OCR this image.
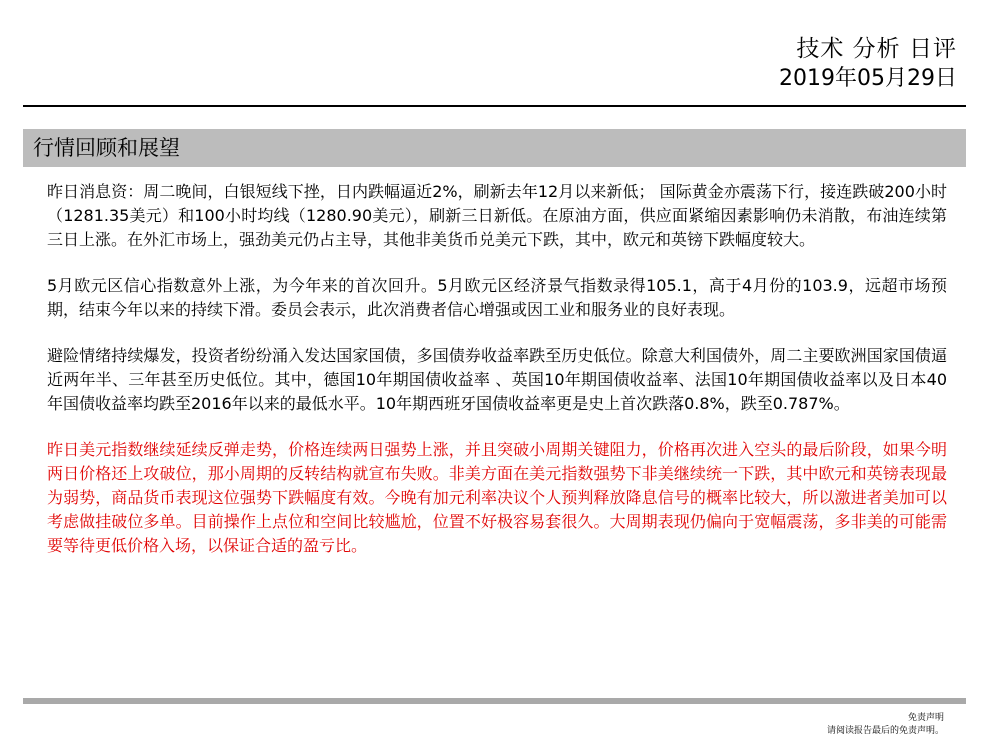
技术 分析 日评
2019年05月29日
行情回顾和展望

昨日消息资：周二晚间，白银短线下挫，日内跌幅逼近2%，刷新去年12月以来新低； 国际黄金亦震荡下行，接连跌破200小时（1281.35美元）和100小时均线（1280.90美元），刷新三日新低。在原油方面，供应面紧缩因素影响仍未消散，布油连续第三日上涨。在外汇市场上，强劲美元仍占主导，其他非美货币兑美元下跌，其中，欧元和英镑下跌幅度较大。

5月欧元区信心指数意外上涨，为今年来的首次回升。5月欧元区经济景气指数录得105.1，高于4月份的103.9，远超市场预期，结束今年以来的持续下滑。委员会表示，此次消费者信心增强或因工业和服务业的良好表现。

避险情绪持续爆发，投资者纷纷涌入发达国家国债，多国债券收益率跌至历史低位。除意大利国债外，周二主要欧洲国家国债逼近两年半、三年甚至历史低位。其中，德国10年期国债收益率 、英国10年期国债收益率、法国10年期国债收益率以及日本40年国债收益率均跌至2016年以来的最低水平。10年期西班牙国债收益率更是史上首次跌落0.8%，跌至0.787%。

昨日美元指数继续延续反弹走势，价格连续两日强势上涨，并且突破小周期关键阻力，价格再次进入空头的最后阶段，如果今明两日价格还上攻破位，那小周期的反转结构就宣布失败。非美方面在美元指数强势下非美继续统一下跌，其中欧元和英镑表现最为弱势，商品货币表现这位强势下跌幅度有效。今晚有加元利率决议个人预判释放降息信号的概率比较大，所以激进者美加可以考虑做挂破位多单。目前操作上点位和空间比较尴尬，位置不好极容易套很久。大周期表现仍偏向于宽幅震荡，多非美的可能需要等待更低价格入场，以保证合适的盈亏比。

免责声明
请阅读报告最后的免责声明。
